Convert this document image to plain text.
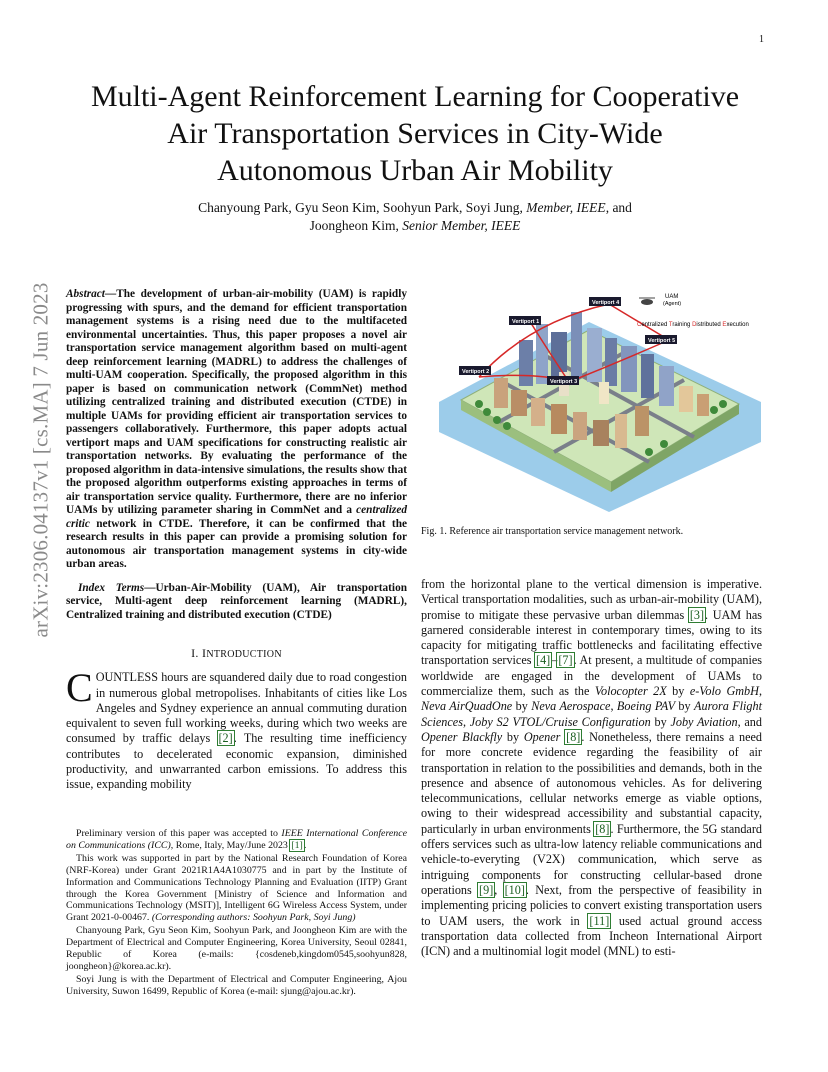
1
Multi-Agent Reinforcement Learning for Cooperative Air Transportation Services in City-Wide Autonomous Urban Air Mobility
Chanyoung Park, Gyu Seon Kim, Soohyun Park, Soyi Jung, Member, IEEE, and
Joongheon Kim, Senior Member, IEEE
arXiv:2306.04137v1 [cs.MA] 7 Jun 2023 Abstract—The development of urban-air-mobility (UAM) is rapidly progressing with spurs, and the demand for efficient transportation management systems is a rising need due to the multifaceted environmental uncertainties. Thus, this paper proposes a novel air transportation service management algorithm based on multi-agent deep reinforcement learning (MADRL) to address the challenges of multi-UAM cooperation. Specifically, the proposed algorithm in this paper is based on communication network (CommNet) method utilizing centralized training and distributed execution (CTDE) in multiple UAMs for providing efficient air transportation services to passengers collaboratively. Furthermore, this paper adopts actual vertiport maps and UAM specifications for constructing realistic air transportation networks. By evaluating the performance of the proposed algorithm in data-intensive simulations, the results show that the proposed algorithm outperforms existing approaches in terms of air transportation service quality. Furthermore, there are no inferior UAMs by utilizing parameter sharing in CommNet and a centralized critic network in CTDE. Therefore, it can be confirmed that the research results in this paper can provide a promising solution for autonomous air transportation management systems in city-wide urban areas.
Index Terms—Urban-Air-Mobility (UAM), Air transportation service, Multi-agent deep reinforcement learning (MADRL), Centralized training and distributed execution (CTDE)
I. INTRODUCTION

COUNTLESS hours are squandered daily due to road congestion in numerous global metropolises. Inhabitants of cities like Los Angeles and Sydney experience an annual commuting duration equivalent to seven full working weeks, during which two weeks are consumed by traffic delays [2]. The resulting time inefficiency contributes to decelerated economic expansion, diminished productivity, and unwarranted carbon emissions. To address this issue, expanding mobility

Preliminary version of this paper was accepted to IEEE International Conference on Communications (ICC), Rome, Italy, May/June 2023 [1].

This work was supported in part by the National Research Foundation of Korea (NRF-Korea) under Grant 2021R1A4A1030775 and in part by the Institute of Information and Communications Technology Planning and Evaluation (IITP) Grant through the Korea Government [Ministry of Science and Information and Communications Technology (MSIT)], Intelligent 6G Wireless Access System, under Grant 2021-0-00467. (Corresponding authors: Soohyun Park, Soyi Jung)

Chanyoung Park, Gyu Seon Kim, Soohyun Park, and Joongheon Kim are with the Department of Electrical and Computer Engineering, Korea University, Seoul 02841, Republic of Korea (e-mails: {cosdeneb,kingdom0545,soohyun828, joongheon}@korea.ac.kr).

Soyi Jung is with the Department of Electrical and Computer Engineering, Ajou University, Suwon 16499, Republic of Korea (e-mail: sjung@ajou.ac.kr).

Vertiport 1
Vertiport 2
Vertiport 3
Vertiport 4
Vertiport 5
UAM
(Agent)
Centralized Training Distributed Execution
Fig. 1. Reference air transportation service management network.

from the horizontal plane to the vertical dimension is imperative. Vertical transportation modalities, such as urban-air-mobility (UAM), promise to mitigate these pervasive urban dilemmas [3]. UAM has garnered considerable interest in contemporary times, owing to its capacity for mitigating traffic bottlenecks and facilitating effective transportation services [4]–[7]. At present, a multitude of companies worldwide are engaged in the development of UAMs to commercialize them, such as the Volocopter 2X by e-Volo GmbH, Neva AirQuadOne by Neva Aerospace, Boeing PAV by Aurora Flight Sciences, Joby S2 VTOL/Cruise Configuration by Joby Aviation, and Opener Blackfly by Opener [8]. Nonetheless, there remains a need for more concrete evidence regarding the feasibility of air transportation in relation to the possibilities and demands, both in the presence and absence of autonomous vehicles. As for delivering telecommunications, cellular networks emerge as viable options, owing to their widespread accessibility and substantial capacity, particularly in urban environments [8]. Furthermore, the 5G standard offers services such as ultra-low latency reliable communications and vehicle-to-everyting (V2X) communication, which serve as intriguing components for constructing cellular-based drone operations [9], [10]. Next, from the perspective of feasibility in implementing pricing policies to convert existing transportation users to UAM users, the work in [11] used actual ground access transportation data collected from Incheon International Airport (ICN) and a multinomial logit model (MNL) to esti-
